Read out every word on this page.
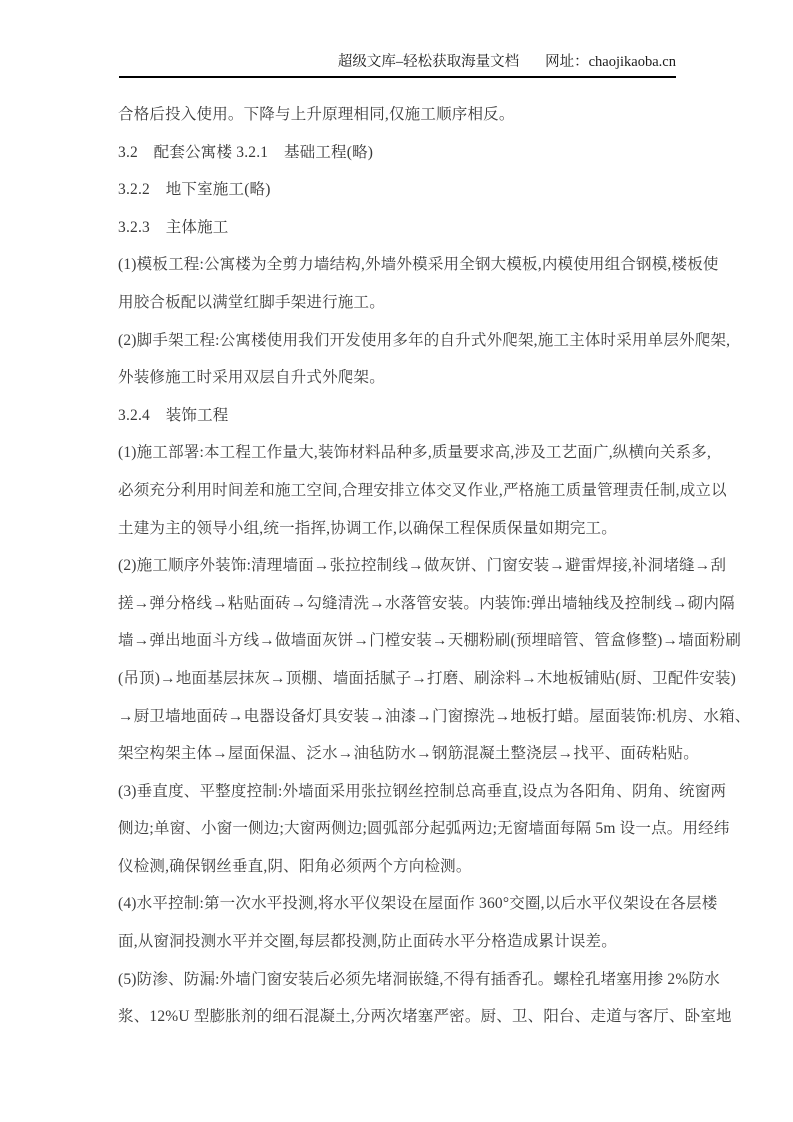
超级文库–轻松获取海量文档 网址：chaojikaoba.cn
合格后投入使用。下降与上升原理相同,仅施工顺序相反。
3.2　配套公寓楼 3.2.1　基础工程(略)
3.2.2　地下室施工(略)
3.2.3　主体施工
(1)模板工程:公寓楼为全剪力墙结构,外墙外模采用全钢大模板,内模使用组合钢模,楼板使
用胶合板配以满堂红脚手架进行施工。
(2)脚手架工程:公寓楼使用我们开发使用多年的自升式外爬架,施工主体时采用单层外爬架,
外装修施工时采用双层自升式外爬架。
3.2.4　装饰工程
(1)施工部署:本工程工作量大,装饰材料品种多,质量要求高,涉及工艺面广,纵横向关系多,
必须充分利用时间差和施工空间,合理安排立体交叉作业,严格施工质量管理责任制,成立以
土建为主的领导小组,统一指挥,协调工作,以确保工程保质保量如期完工。
(2)施工顺序外装饰:清理墙面→张拉控制线→做灰饼、门窗安装→避雷焊接,补洞堵缝→刮
搓→弹分格线→粘贴面砖→勾缝清洗→水落管安装。内装饰:弹出墙轴线及控制线→砌内隔
墙→弹出地面斗方线→做墙面灰饼→门樘安装→天棚粉刷(预埋暗管、管盒修整)→墙面粉刷
(吊顶)→地面基层抹灰→顶棚、墙面括腻子→打磨、刷涂料→木地板铺贴(厨、卫配件安装)
→厨卫墙地面砖→电器设备灯具安装→油漆→门窗擦洗→地板打蜡。屋面装饰:机房、水箱、
架空构架主体→屋面保温、泛水→油毡防水→钢筋混凝土整浇层→找平、面砖粘贴。
(3)垂直度、平整度控制:外墙面采用张拉钢丝控制总高垂直,设点为各阳角、阴角、统窗两
侧边;单窗、小窗一侧边;大窗两侧边;圆弧部分起弧两边;无窗墙面每隔 5m 设一点。用经纬
仪检测,确保钢丝垂直,阴、阳角必须两个方向检测。
(4)水平控制:第一次水平投测,将水平仪架设在屋面作 360°交圈,以后水平仪架设在各层楼
面,从窗洞投测水平并交圈,每层都投测,防止面砖水平分格造成累计误差。
(5)防渗、防漏:外墙门窗安装后必须先堵洞嵌缝,不得有插香孔。螺栓孔堵塞用掺 2%防水
浆、12%U 型膨胀剂的细石混凝土,分两次堵塞严密。厨、卫、阳台、走道与客厅、卧室地
